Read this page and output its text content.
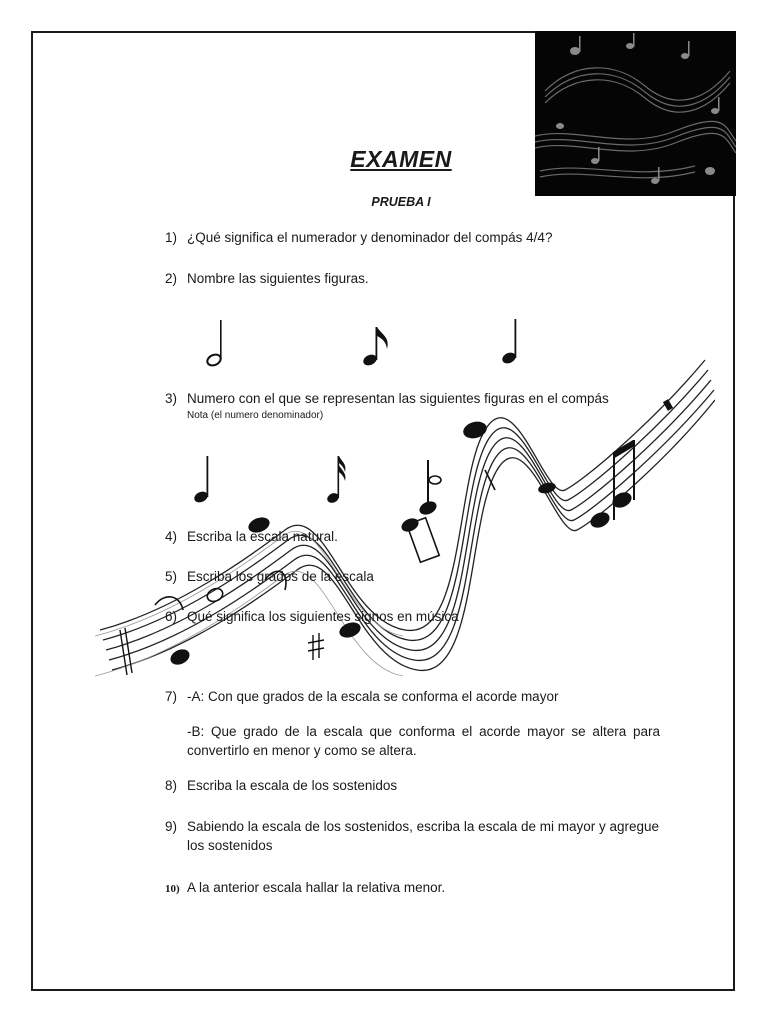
EXAMEN
PRUEBA I
1) ¿Qué significa el numerador y denominador del compás 4/4?
2) Nombre las siguientes figuras.
3) Numero con el que se representan las siguientes figuras en el compás
Nota (el numero denominador)
4) Escriba la escala natural.
5) Escriba los grados de la escala
6) Qué significa los siguientes signos en música
7) -A: Con que grados de la escala se conforma el acorde mayor
-B: Que grado de la escala que conforma el acorde mayor se altera para convertirlo en menor y como se altera.
8) Escriba la escala de los sostenidos
9) Sabiendo la escala de los sostenidos, escriba la escala de mi mayor y agregue los sostenidos
10) A la anterior escala hallar la relativa menor.
